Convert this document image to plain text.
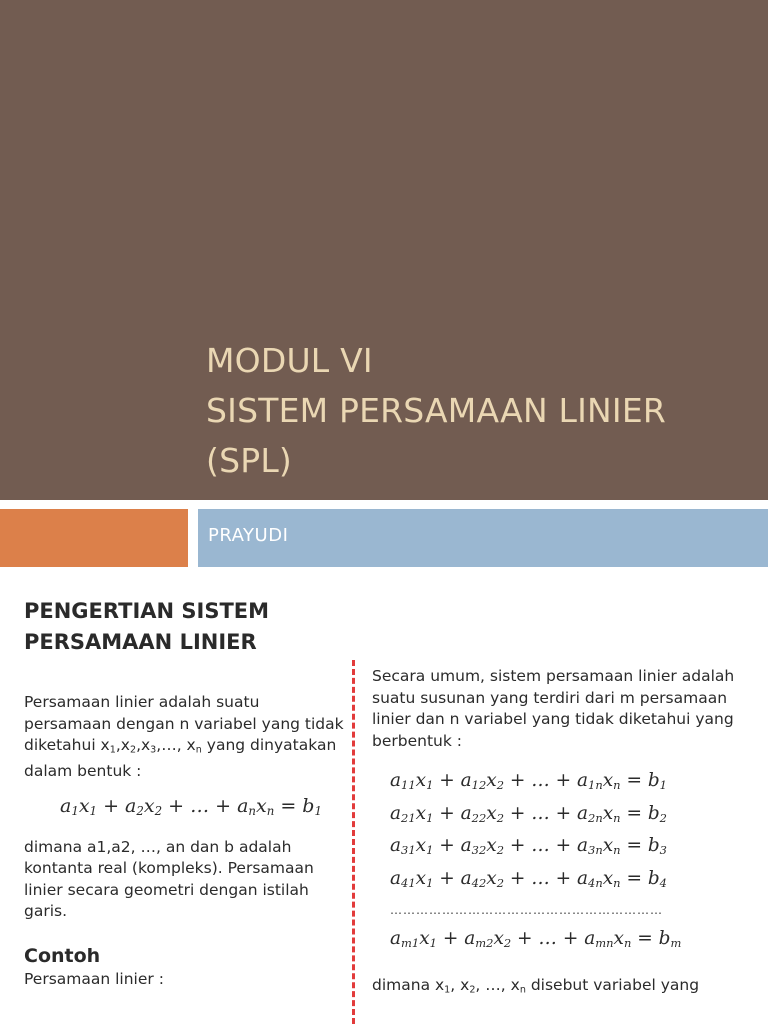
MODUL VI
SISTEM PERSAMAAN LINIER
(SPL)
PRAYUDI
PENGERTIAN SISTEM PERSAMAAN LINIER

Persamaan linier adalah suatu persamaan dengan n variabel yang tidak diketahui $x_1,x_2,x_3,\dots$, $x_n$ yang dinyatakan dalam bentuk :

$a_1x_1 + a_2x_2$ + … + $a_nx_n = b_1$

dimana a1,a2, …, an dan b adalah kontanta real (kompleks). Persamaan linier secara geometri dengan istilah garis.

Contoh

Persamaan linier :

Secara umum, sistem persamaan linier adalah suatu susunan yang terdiri dari m persamaan linier dan n variabel yang tidak diketahui yang berbentuk :

$a_{11}x_1 + a_{12}x_2$ + … + $a_{1n}x_n = b_1$
$a_{21}x_1 + a_{22}x_2$ + … + $a_{2n}x_n = b_2$
$a_{31}x_1 + a_{32}x_2$ + … + $a_{3n}x_n = b_3$
$a_{41}x_1 + a_{42}x_2$ + … + $a_{4n}x_n = b_4$
………………………………………………………
$a_{m1}x_1 + a_{m2}x_2$ + … + $a_{mn}x_n = b_m$

dimana $x_1$, $x_2$, …, $x_n$ disebut variabel yang
